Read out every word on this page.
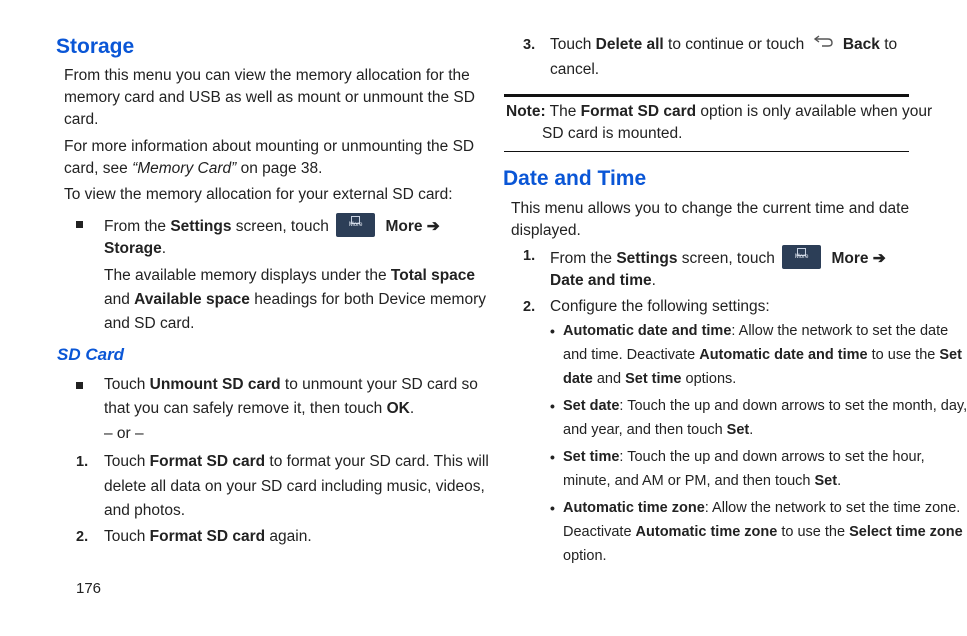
Storage
From this menu you can view the memory allocation for the
memory card and USB as well as mount or unmount the SD
card.
For more information about mounting or unmounting the SD
card, see “Memory Card” on page 38.
To view the memory allocation for your external SD card:
From the Settings screen, touch	More	More ➔
Storage.
The available memory displays under the Total space
and Available space headings for both Device memory
and SD card.
SD Card
Touch Unmount SD card to unmount your SD card so
that you can safely remove it, then touch OK.
– or –
1. Touch Format SD card to format your SD card. This will
delete all data on your SD card including music, videos,
and photos.
2. Touch Format SD card again.
176
3. Touch Delete all to continue or touch Back to
cancel.
Note: The Format SD card option is only available when your
SD card is mounted.
Date and Time
This menu allows you to change the current time and date
displayed.
1. From the Settings screen, touch	More	More ➔
Date and time.
2. Configure the following settings:
• Automatic date and time: Allow the network to set the date
and time. Deactivate Automatic date and time to use the Set
date and Set time options.
• Set date: Touch the up and down arrows to set the month, day,
and year, and then touch Set.
• Set time: Touch the up and down arrows to set the hour,
minute, and AM or PM, and then touch Set.
• Automatic time zone: Allow the network to set the time zone.
Deactivate Automatic time zone to use the Select time zone
option.
